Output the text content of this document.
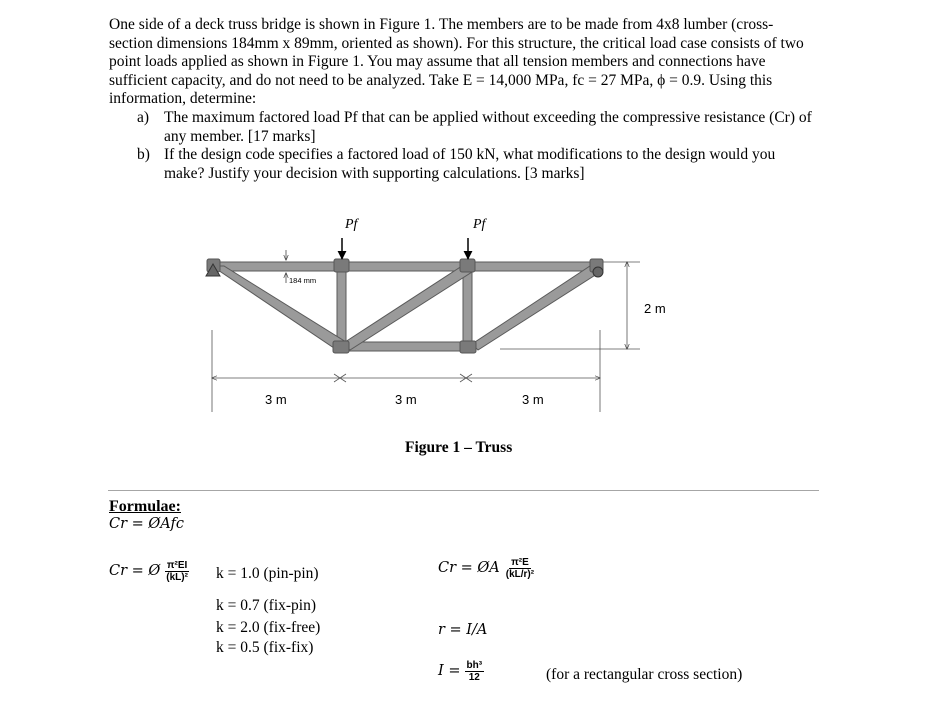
One side of a deck truss bridge is shown in Figure 1. The members are to be made from 4x8 lumber (cross-section dimensions 184mm x 89mm, oriented as shown). For this structure, the critical load case consists of two point loads applied as shown in Figure 1. You may assume that all tension members and connections have sufficient capacity, and do not need to be analyzed. Take E = 14,000 MPa, fc = 27 MPa, ϕ = 0.9. Using this information, determine:

a) The maximum factored load Pf that can be applied without exceeding the compressive resistance (Cr) of any member. [17 marks]
b) If the design code specifies a factored load of 150 kN, what modifications to the design would you make? Justify your decision with supporting calculations. [3 marks]
Pf	Pf
184 mm
3 m	3 m	3 m
2 m
Figure 1 – Truss
Formulae:
Cr = ØAfc
Cr = Ø $\frac{\text{π²EI}}{\text{(kL)²}}$ k = 1.0 (pin-pin)
k = 0.7 (fix-pin)
k = 2.0 (fix-free)
k = 0.5 (fix-fix)
Cr = ØA $\frac{\text{π²E}}{\text{(kL/r)²}}$
r = I/A
$I = \frac{\text{bh³}}{12}$	(for a rectangular cross section)
